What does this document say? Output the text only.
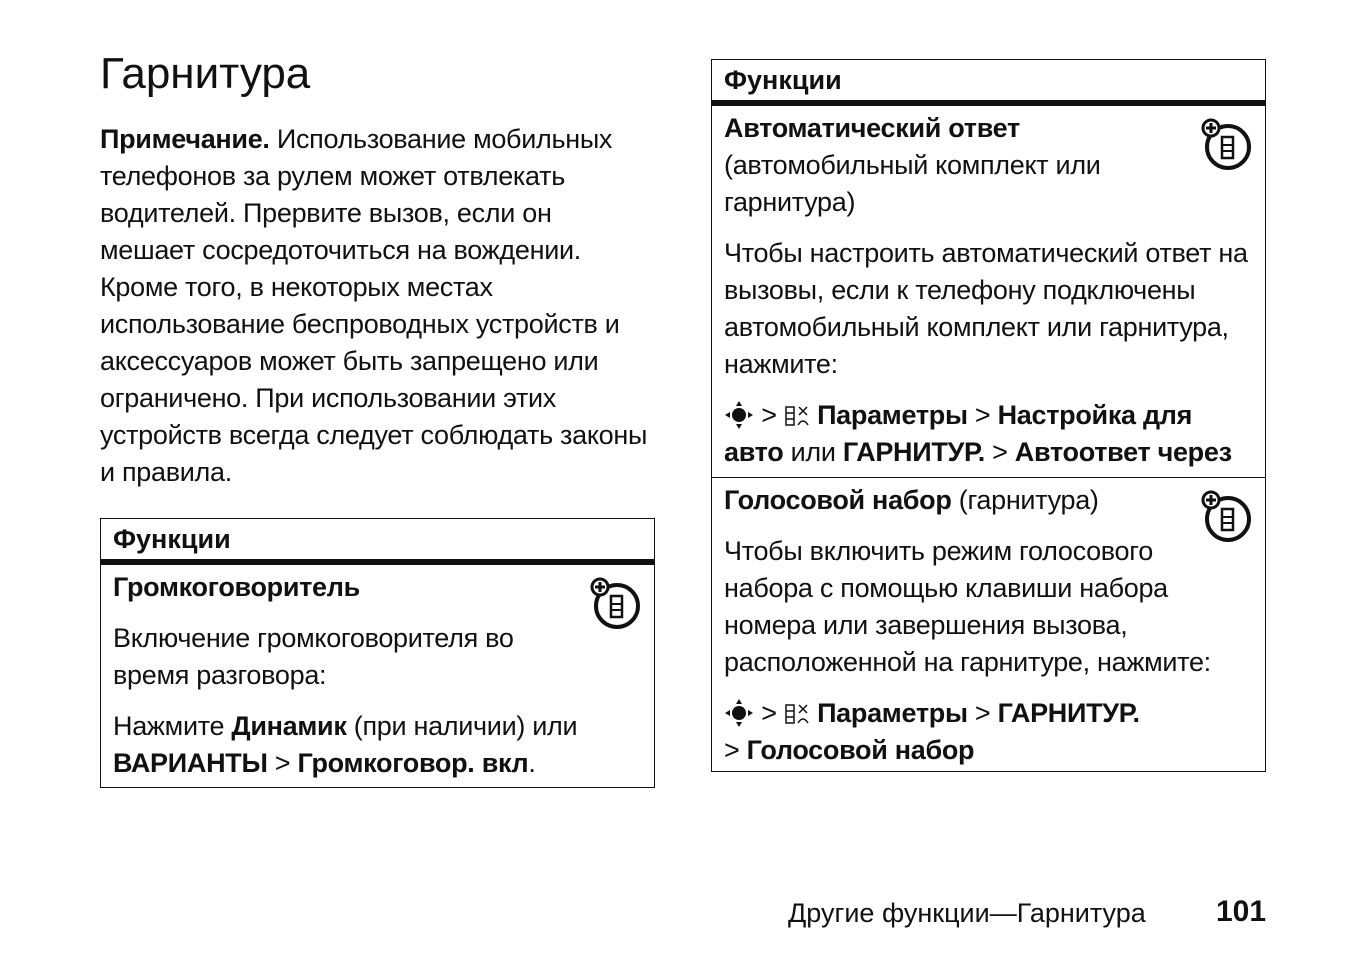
Гарнитура

Примечание. Использование мобильных телефонов за рулем может отвлекать водителей. Прервите вызов, если он мешает сосредоточиться на вождении. Кроме того, в некоторых местах использование беспроводных устройств и аксессуаров может быть запрещено или ограничено. При использовании этих устройств всегда следует соблюдать законы и правила.

Функции

Громкоговоритель

Включение громкоговорителя во время разговора:

Нажмите Динамик (при наличии) или ВАРИАНТЫ > Громкоговор. вкл.

Функции

Автоматический ответ (автомобильный комплект или гарнитура)

Чтобы настроить автоматический ответ на вызовы, если к телефону подключены автомобильный комплект или гарнитура, нажмите:

>  Параметры > Настройка для авто или ГАРНИТУР. > Автоответ через

Голосовой набор (гарнитура)

Чтобы включить режим голосового набора с помощью клавиши набора номера или завершения вызова, расположенной на гарнитуре, нажмите:

>  Параметры > ГАРНИТУР.
> Голосовой набор

Другие функции—Гарнитура 101
